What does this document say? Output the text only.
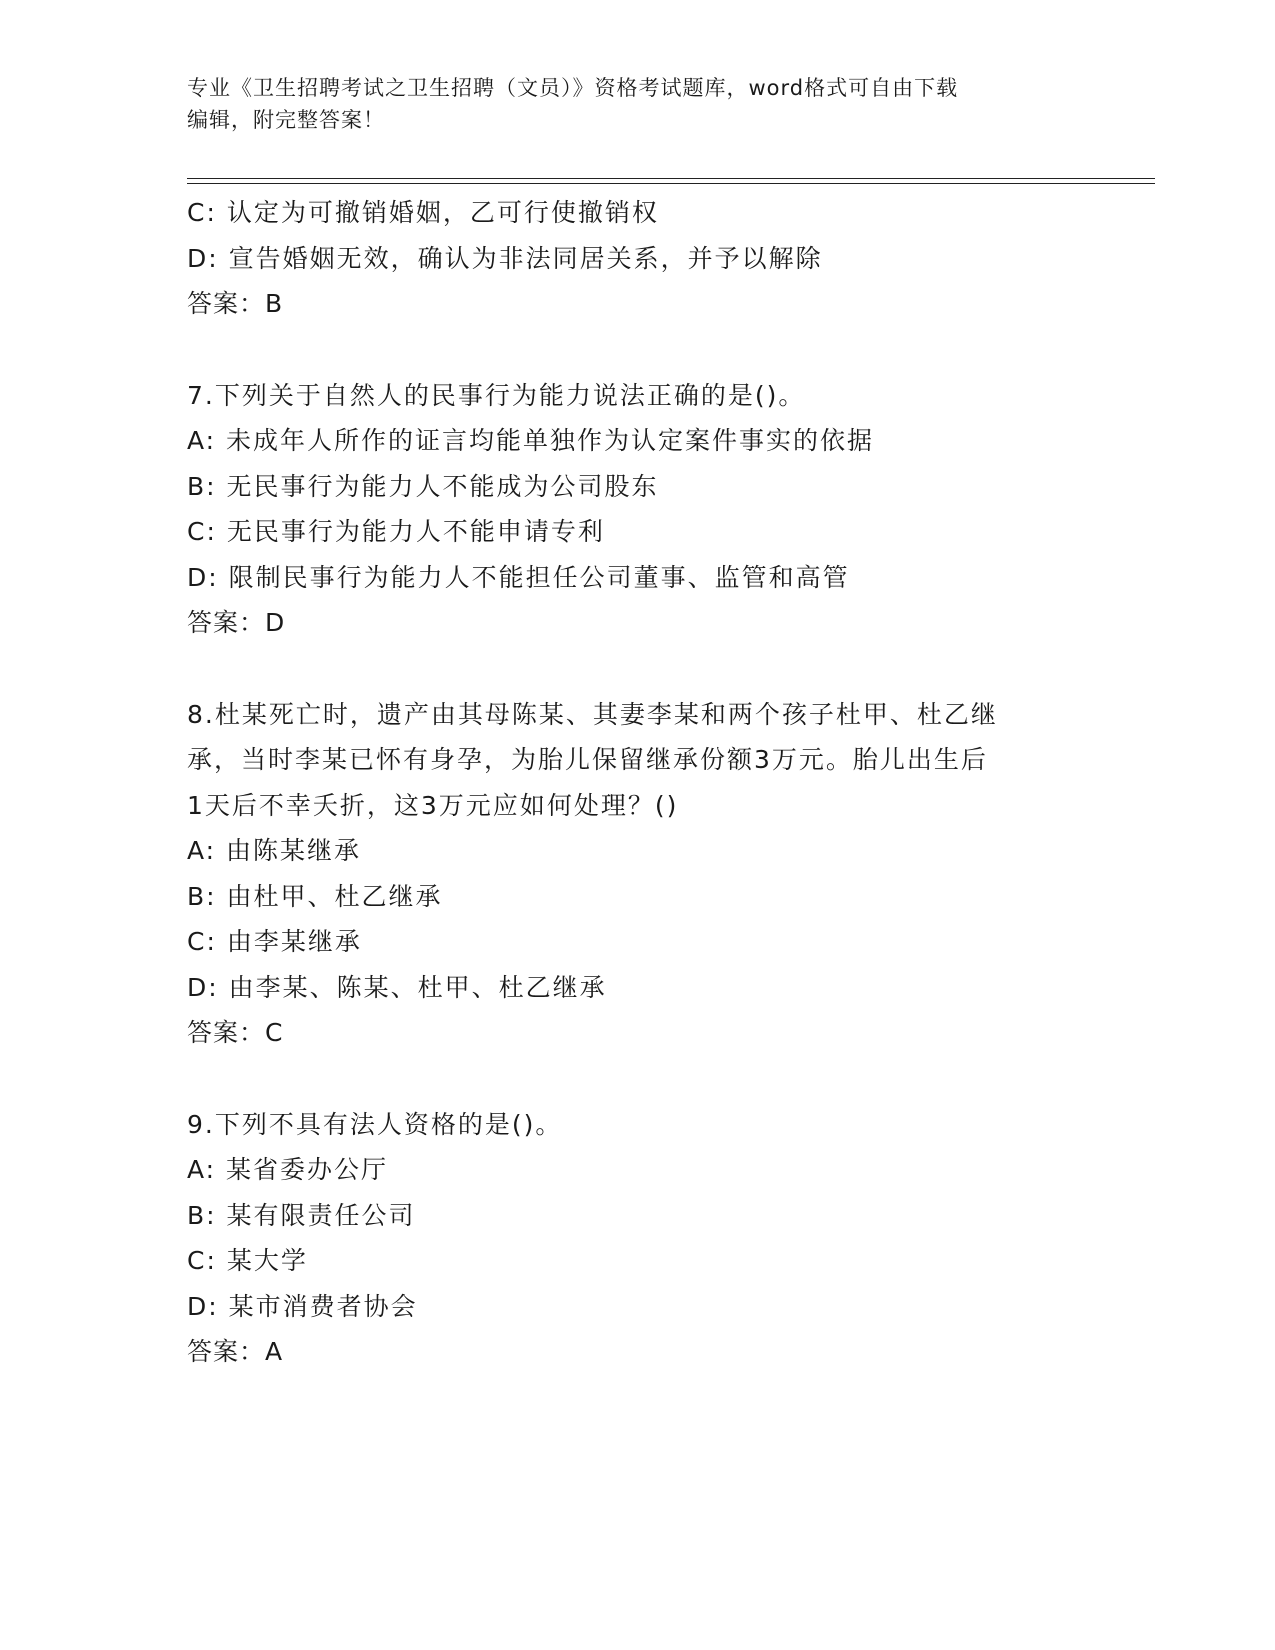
专业《卫生招聘考试之卫生招聘（文员）》资格考试题库，word格式可自由下载
编辑，附完整答案！
C: 认定为可撤销婚姻，乙可行使撤销权
D: 宣告婚姻无效，确认为非法同居关系，并予以解除
答案：B
7.下列关于自然人的民事行为能力说法正确的是()。
A: 未成年人所作的证言均能单独作为认定案件事实的依据
B: 无民事行为能力人不能成为公司股东
C: 无民事行为能力人不能申请专利
D: 限制民事行为能力人不能担任公司董事、监管和高管
答案：D
8.杜某死亡时，遗产由其母陈某、其妻李某和两个孩子杜甲、杜乙继
承，当时李某已怀有身孕，为胎儿保留继承份额3万元。胎儿出生后
1天后不幸夭折，这3万元应如何处理？()
A: 由陈某继承
B: 由杜甲、杜乙继承
C: 由李某继承
D: 由李某、陈某、杜甲、杜乙继承
答案：C
9.下列不具有法人资格的是()。
A: 某省委办公厅
B: 某有限责任公司
C: 某大学
D: 某市消费者协会
答案：A
